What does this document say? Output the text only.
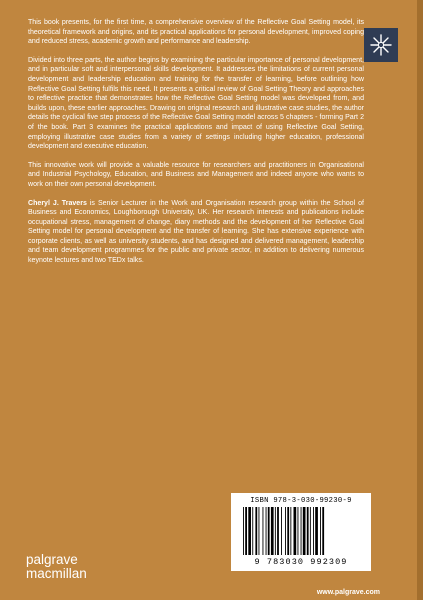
This book presents, for the first time, a comprehensive overview of the Reflective Goal Setting model, its theoretical framework and origins, and its practical applications for personal development, improved coping and reduced stress, academic growth and performance and leadership.

Divided into three parts, the author begins by examining the particular importance of personal development, and in particular soft and interpersonal skills development. It addresses the limitations of current personal development and leadership education and training for the transfer of learning, before outlining how Reflective Goal Setting fulfils this need. It presents a critical review of Goal Setting Theory and approaches to reflective practice that demonstrates how the Reflective Goal Setting model was developed from, and builds upon, these earlier approaches. Drawing on original research and illustrative case studies, the author details the cyclical five step process of the Reflective Goal Setting model across 5 chapters - forming Part 2 of the book. Part 3 examines the practical applications and impact of using Reflective Goal Setting, employing illustrative case studies from a variety of settings including higher education, professional development and executive education.

This innovative work will provide a valuable resource for researchers and practitioners in Organisational and Industrial Psychology, Education, and Business and Management and indeed anyone who wants to work on their own personal development.

Cheryl J. Travers is Senior Lecturer in the Work and Organisation research group within the School of Business and Economics, Loughborough University, UK. Her research interests and publications include occupational stress, management of change, diary methods and the development of her Reflective Goal Setting model for personal development and the transfer of learning. She has extensive experience with corporate clients, as well as university students, and has designed and delivered management, leadership and team development programmes for the public and private sector, in addition to delivering numerous keynote lectures and two TEDx talks.

ISBN 978-3-030-99230-9
9 783030 992309
palgrave
macmillan
www.palgrave.com
